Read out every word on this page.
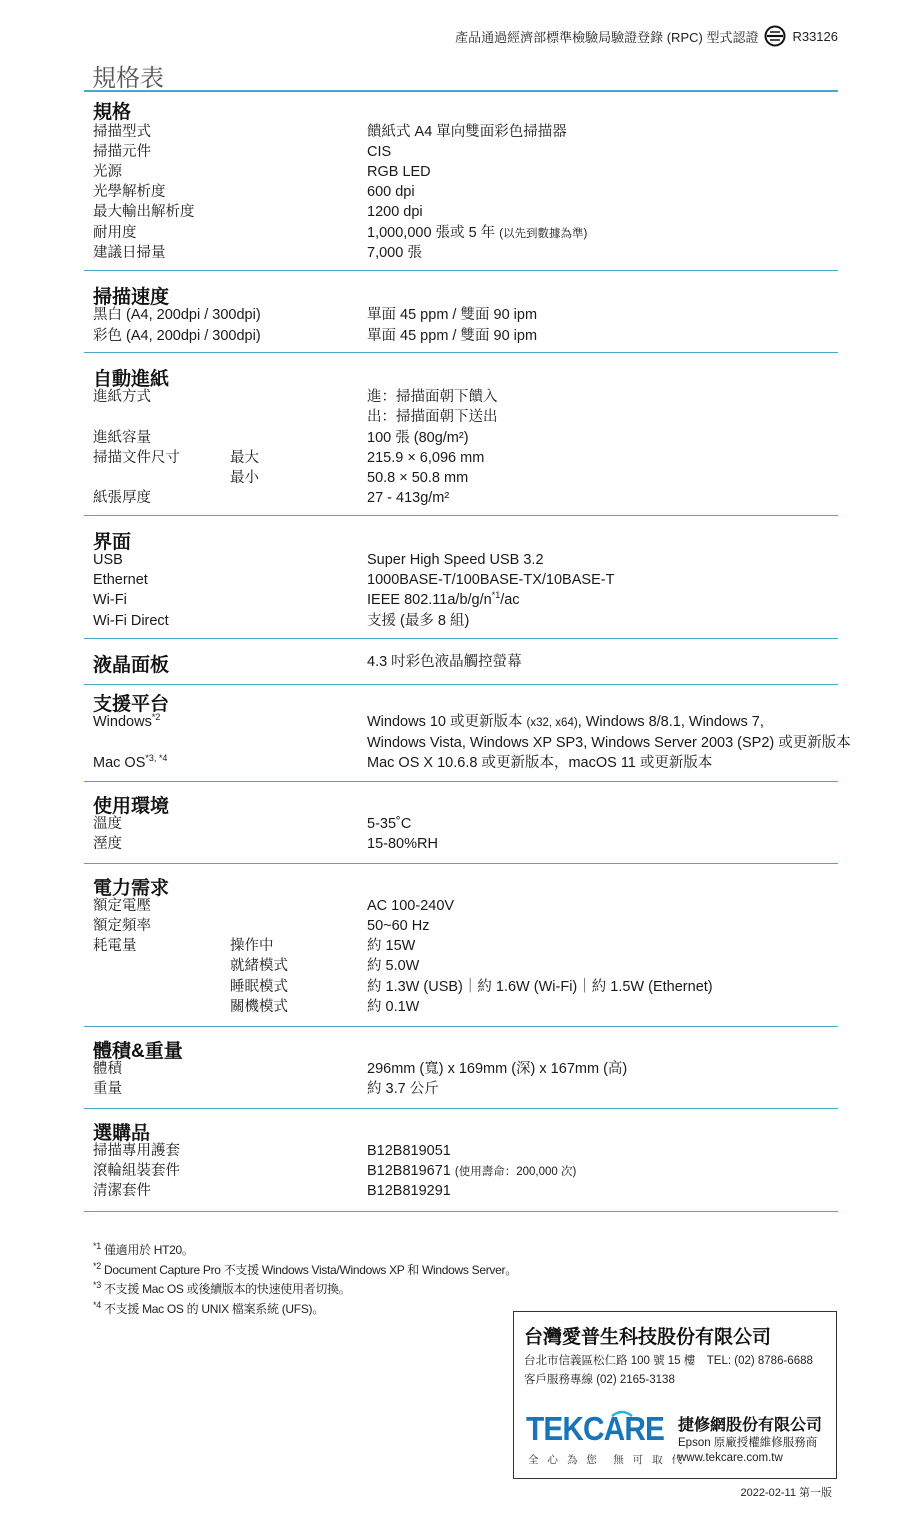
產品通過經濟部標準檢驗局驗證登錄 (RPC) 型式認證	R33126
規格表
規格
掃描型式	饋紙式 A4 單向雙面彩色掃描器
掃描元件	CIS
光源	RGB LED
光學解析度	600 dpi
最大輸出解析度	1200 dpi
耐用度	1,000,000 張或 5 年 (以先到數據為準)
建議日掃量	7,000 張
掃描速度
黑白 (A4, 200dpi / 300dpi)	單面 45 ppm / 雙面 90 ipm
彩色 (A4, 200dpi / 300dpi)	單面 45 ppm / 雙面 90 ipm
自動進紙
進紙方式	進：掃描面朝下饋入
出：掃描面朝下送出
進紙容量	100 張 (80g/m²)
掃描文件尺寸	最大	215.9 × 6,096 mm
最小	50.8 × 50.8 mm
紙張厚度	27 - 413g/m²
界面
USB	Super High Speed USB 3.2
Ethernet	1000BASE-T/100BASE-TX/10BASE-T
Wi-Fi	IEEE $802.11a/b/g/n^{*1}/ac$
Wi-Fi Direct	支援 (最多 8 組)
液晶面板	4.3 吋彩色液晶觸控螢幕
支援平台
Windows$^{*2}$	Windows 10 或更新版本 (x32, x64), Windows 8/8.1, Windows 7,
Windows Vista, Windows XP SP3, Windows Server 2003 (SP2) 或更新版本
Mac $OS^{*3, *4}$	Mac OS X 10.6.8 或更新版本，macOS 11 或更新版本
使用環境
溫度	5-35˚C
溼度	15-80%RH
電力需求
額定電壓	AC 100-240V
額定頻率	50~60 Hz
耗電量	操作中	約 15W
就緒模式	約 5.0W
睡眠模式	約 1.3W (USB)｜約 1.6W (Wi-Fi)｜約 1.5W (Ethernet)
關機模式	約 0.1W
體積&重量
體積	296mm (寬) x 169mm (深) x 167mm (高)
重量	約 3.7 公斤
選購品
掃描專用護套	B12B819051
滾輪組裝套件	B12B819671 (使用壽命：200,000 次)
清潔套件	B12B819291
$^{*1}$ 僅適用於 HT20。
$^{*2}$ Document Capture Pro 不支援 Windows Vista/Windows XP 和 Windows Server。
$^{*3}$ 不支援 Mac OS 或後續版本的快速使用者切換。
$^{*4}$ 不支援 Mac OS 的 UNIX 檔案系統 (UFS)。
台灣愛普生科技股份有限公司
台北市信義區松仁路 100 號 15 樓　TEL: (02) 8786-6688
客戶服務專線 (02) 2165-3138
TEKCARE
全 心 為 您　無 可 取 代
捷修網股份有限公司
Epson 原廠授權維修服務商
www.tekcare.com.tw
2022-02-11 第一版
